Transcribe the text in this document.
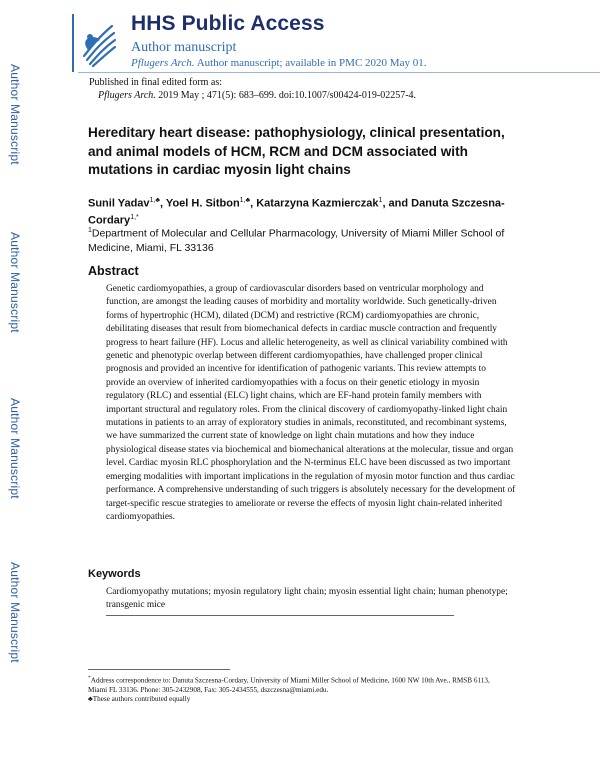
HHS Public Access
Author manuscript
Pflugers Arch. Author manuscript; available in PMC 2020 May 01.
Author Manuscript
Author Manuscript
Author Manuscript
Author Manuscript
Published in final edited form as:
Pflugers Arch. 2019 May ; 471(5): 683–699. doi:10.1007/s00424-019-02257-4.
Hereditary heart disease: pathophysiology, clinical presentation, and animal models of HCM, RCM and DCM associated with mutations in cardiac myosin light chains
Sunil Yadav$^{1,♣}$, Yoel H. Sitbon$^{1,♣}$, Katarzyna Kazmierczak$^1$, and Danuta Szczesna-Cordary$^{1,*}$
$^1$Department of Molecular and Cellular Pharmacology, University of Miami Miller School of Medicine, Miami, FL 33136
Abstract
Genetic cardiomyopathies, a group of cardiovascular disorders based on ventricular morphology and function, are amongst the leading causes of morbidity and mortality worldwide. Such genetically-driven forms of hypertrophic (HCM), dilated (DCM) and restrictive (RCM) cardiomyopathies are chronic, debilitating diseases that result from biomechanical defects in cardiac muscle contraction and frequently progress to heart failure (HF). Locus and allelic heterogeneity, as well as clinical variability combined with genetic and phenotypic overlap between different cardiomyopathies, have challenged proper clinical prognosis and provided an incentive for identification of pathogenic variants. This review attempts to provide an overview of inherited cardiomyopathies with a focus on their genetic etiology in myosin regulatory (RLC) and essential (ELC) light chains, which are EF-hand protein family members with important structural and regulatory roles. From the clinical discovery of cardiomyopathy-linked light chain mutations in patients to an array of exploratory studies in animals, reconstituted, and recombinant systems, we have summarized the current state of knowledge on light chain mutations and how they induce physiological disease states via biochemical and biomechanical alterations at the molecular, tissue and organ level. Cardiac myosin RLC phosphorylation and the N-terminus ELC have been discussed as two important emerging modalities with important implications in the regulation of myosin motor function and thus cardiac performance. A comprehensive understanding of such triggers is absolutely necessary for the development of target-specific rescue strategies to ameliorate or reverse the effects of myosin light chain-related inherited cardiomyopathies.
Keywords
Cardiomyopathy mutations; myosin regulatory light chain; myosin essential light chain; human phenotype; transgenic mice
*Address correspondence to: Danuta Szczesna-Cordary, University of Miami Miller School of Medicine, 1600 NW 10th Ave., RMSB 6113, Miami FL 33136. Phone: 305-2432908, Fax: 305-2434555, dszczesna@miami.edu.
♣These authors contributed equally
